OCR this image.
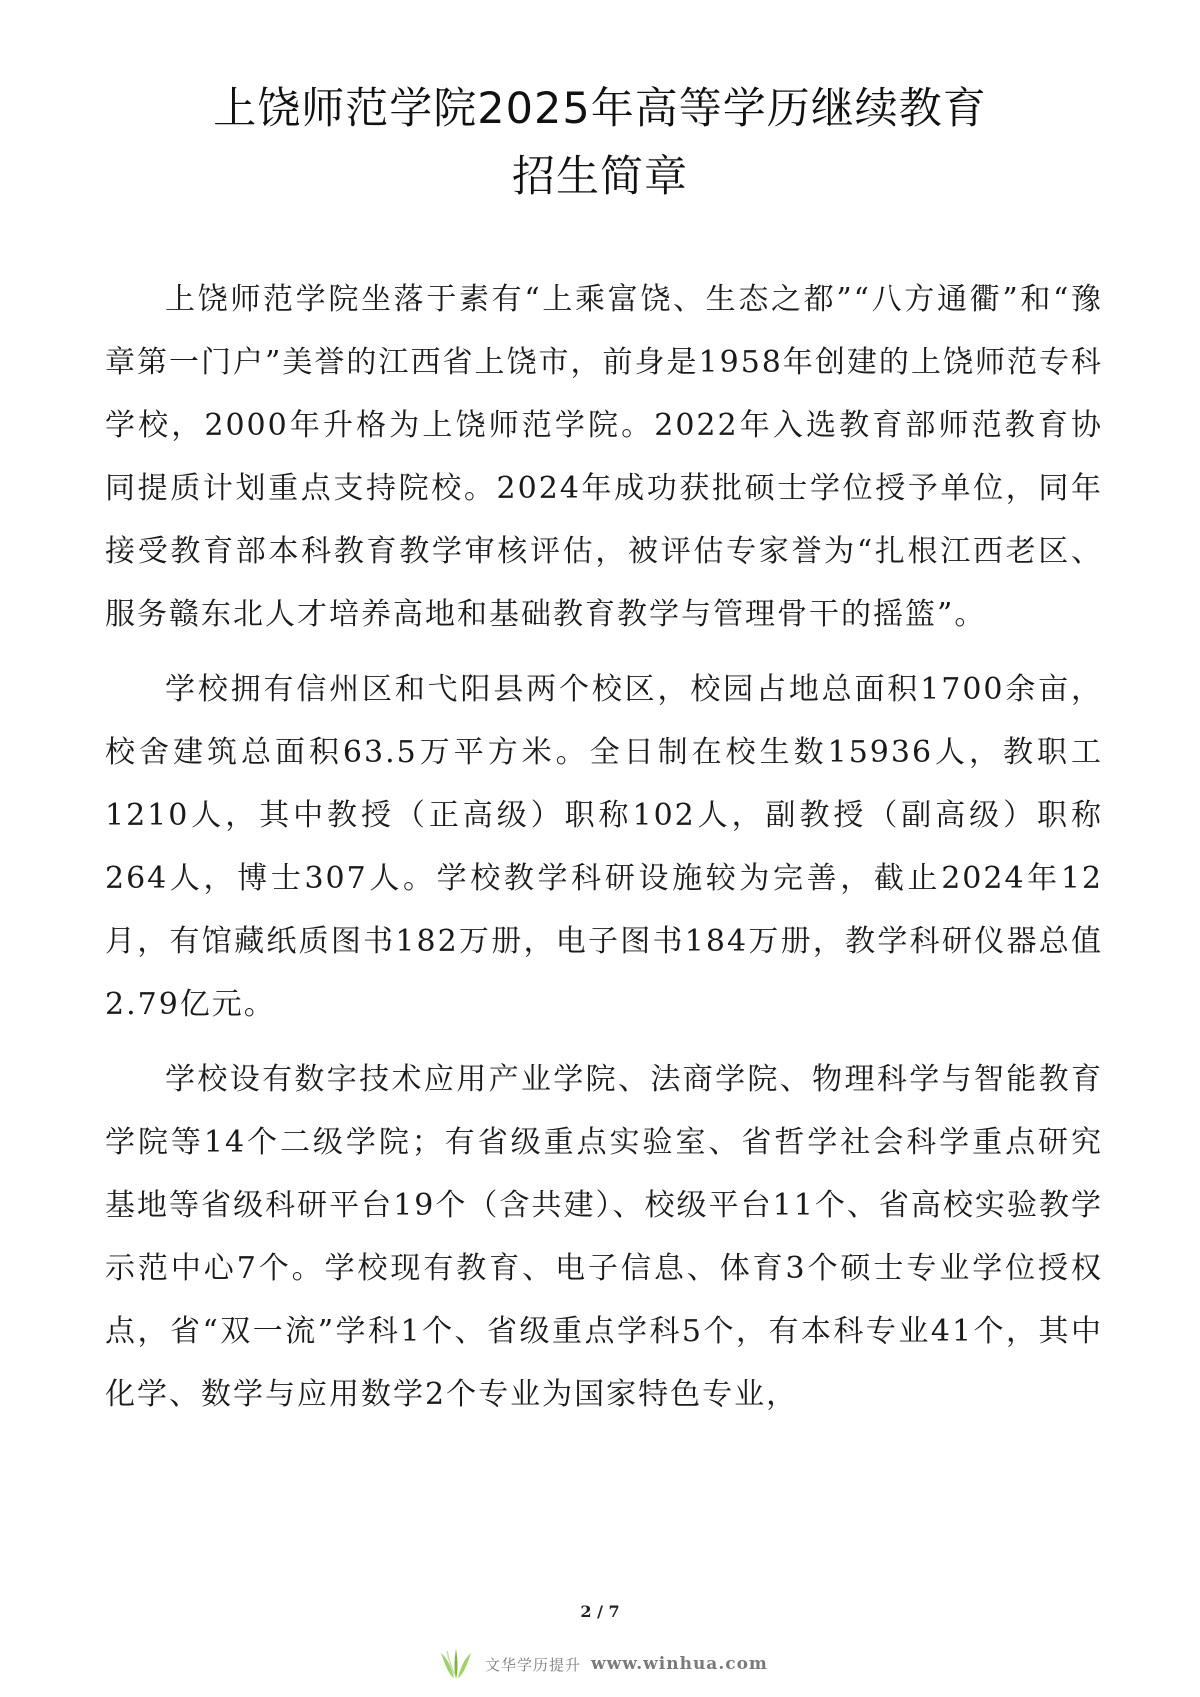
上饶师范学院2025年高等学历继续教育
招生简章

上饶师范学院坐落于素有“上乘富饶、生态之都”“八方通衢”和“豫章第一门户”美誉的江西省上饶市，前身是1958年创建的上饶师范专科学校，2000年升格为上饶师范学院。2022年入选教育部师范教育协同提质计划重点支持院校。2024年成功获批硕士学位授予单位，同年接受教育部本科教育教学审核评估，被评估专家誉为“扎根江西老区、服务赣东北人才培养高地和基础教育教学与管理骨干的摇篮”。

学校拥有信州区和弋阳县两个校区，校园占地总面积1700余亩，校舍建筑总面积63.5万平方米。全日制在校生数15936人，教职工1210人，其中教授（正高级）职称102人，副教授（副高级）职称264人，博士307人。学校教学科研设施较为完善，截止2024年12月，有馆藏纸质图书182万册，电子图书184万册，教学科研仪器总值2.79亿元。

学校设有数字技术应用产业学院、法商学院、物理科学与智能教育学院等14个二级学院；有省级重点实验室、省哲学社会科学重点研究基地等省级科研平台19个（含共建）、校级平台11个、省高校实验教学示范中心7个。学校现有教育、电子信息、体育3个硕士专业学位授权点，省“双一流”学科1个、省级重点学科5个，有本科专业41个，其中化学、数学与应用数学2个专业为国家特色专业，

2 / 7
文华学历提升 www.winhua.com
